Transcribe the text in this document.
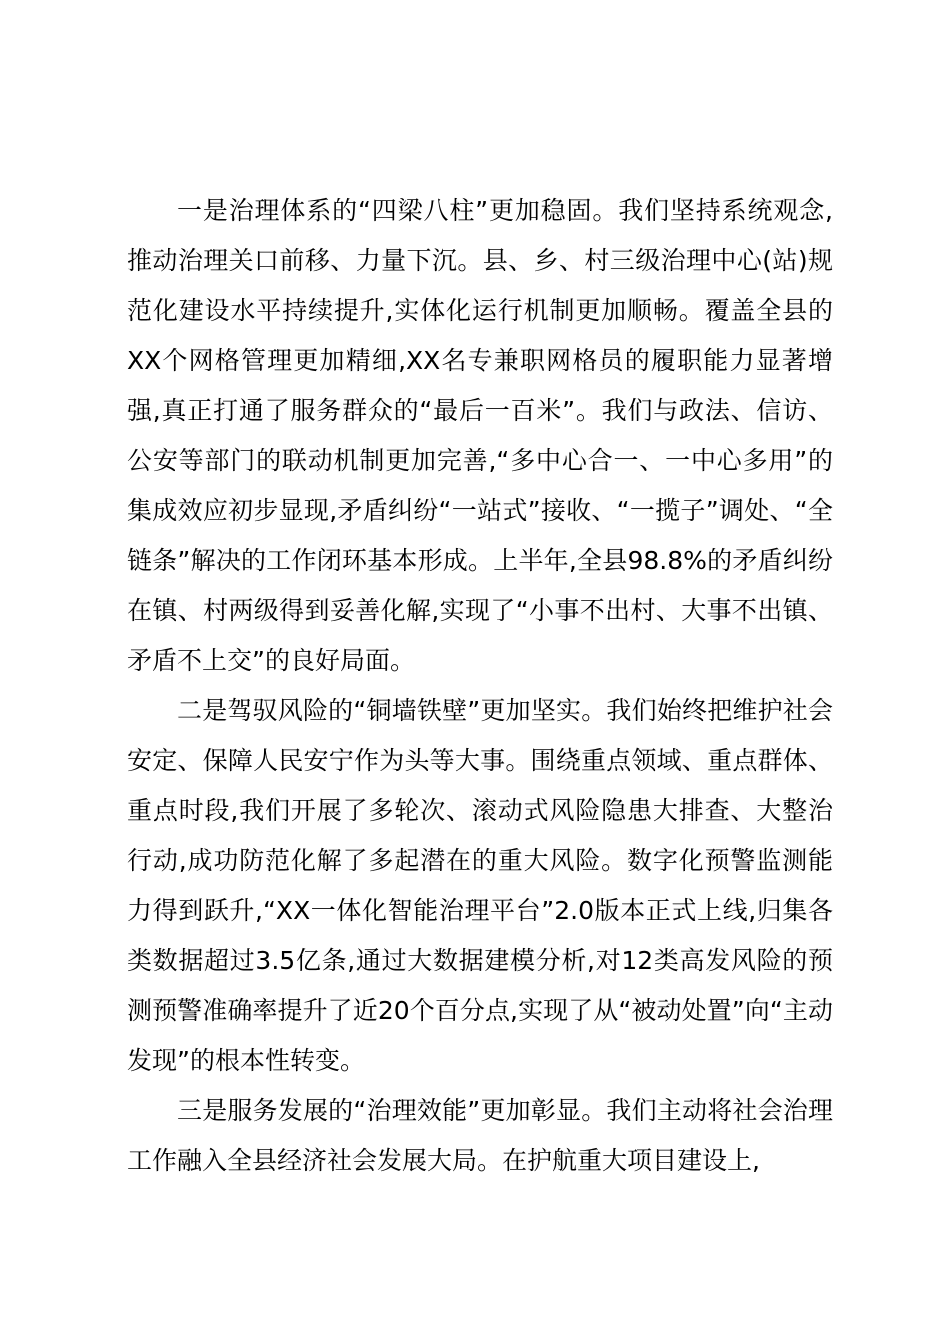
一是治理体系的“四梁八柱”更加稳固。我们坚持系统观念,推动治理关口前移、力量下沉。县、乡、村三级治理中心(站)规范化建设水平持续提升,实体化运行机制更加顺畅。覆盖全县的XX个网格管理更加精细,XX名专兼职网格员的履职能力显著增强,真正打通了服务群众的“最后一百米”。我们与政法、信访、公安等部门的联动机制更加完善,“多中心合一、一中心多用”的集成效应初步显现,矛盾纠纷“一站式”接收、“一揽子”调处、“全链条”解决的工作闭环基本形成。上半年,全县98.8%的矛盾纠纷在镇、村两级得到妥善化解,实现了“小事不出村、大事不出镇、矛盾不上交”的良好局面。

二是驾驭风险的“铜墙铁壁”更加坚实。我们始终把维护社会安定、保障人民安宁作为头等大事。围绕重点领域、重点群体、重点时段,我们开展了多轮次、滚动式风险隐患大排查、大整治行动,成功防范化解了多起潜在的重大风险。数字化预警监测能力得到跃升,“XX一体化智能治理平台”2.0版本正式上线,归集各类数据超过3.5亿条,通过大数据建模分析,对12类高发风险的预测预警准确率提升了近20个百分点,实现了从“被动处置”向“主动发现”的根本性转变。

三是服务发展的“治理效能”更加彰显。我们主动将社会治理工作融入全县经济社会发展大局。在护航重大项目建设上,
